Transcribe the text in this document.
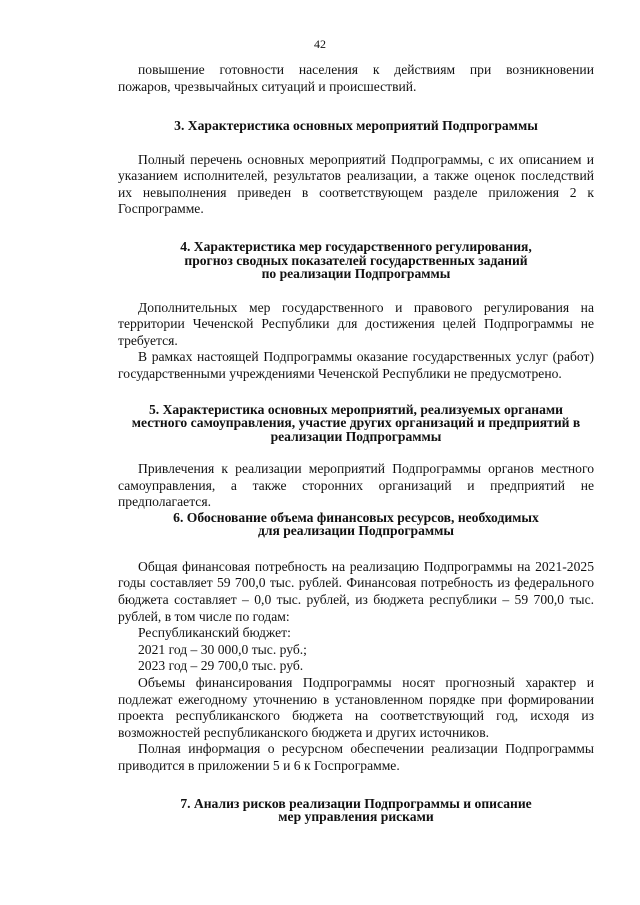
42

повышение готовности населения к действиям при возникновении
пожаров, чрезвычайных ситуаций и происшествий.

3. Характеристика основных мероприятий Подпрограммы

Полный перечень основных мероприятий Подпрограммы, с их описанием и указанием исполнителей, результатов реализации, а также оценок последствий их невыполнения приведен в соответствующем разделе приложения 2 к Госпрограмме.

4. Характеристика мер государственного регулирования,
прогноз сводных показателей государственных заданий
по реализации Подпрограммы

Дополнительных мер государственного и правового регулирования на территории Чеченской Республики для достижения целей Подпрограммы не требуется.

В рамках настоящей Подпрограммы оказание государственных услуг (работ) государственными учреждениями Чеченской Республики не предусмотрено.

5. Характеристика основных мероприятий, реализуемых органами
местного самоуправления, участие других организаций и предприятий в
реализации Подпрограммы

Привлечения к реализации мероприятий Подпрограммы органов местного самоуправления, а также сторонних организаций и предприятий не предполагается.

6. Обоснование объема финансовых ресурсов, необходимых
для реализации Подпрограммы

Общая финансовая потребность на реализацию Подпрограммы на 2021-2025 годы составляет 59 700,0 тыс. рублей. Финансовая потребность из федерального бюджета составляет – 0,0 тыс. рублей, из бюджета республики – 59 700,0 тыс. рублей, в том числе по годам:

Республиканский бюджет:

2021 год – 30 000,0 тыс. руб.;

2023 год – 29 700,0 тыс. руб.

Объемы финансирования Подпрограммы носят прогнозный характер и подлежат ежегодному уточнению в установленном порядке при формировании проекта республиканского бюджета на соответствующий год, исходя из возможностей республиканского бюджета и других источников.

Полная информация о ресурсном обеспечении реализации Подпрограммы приводится в приложении 5 и 6 к Госпрограмме.

7. Анализ рисков реализации Подпрограммы и описание
мер управления рисками
